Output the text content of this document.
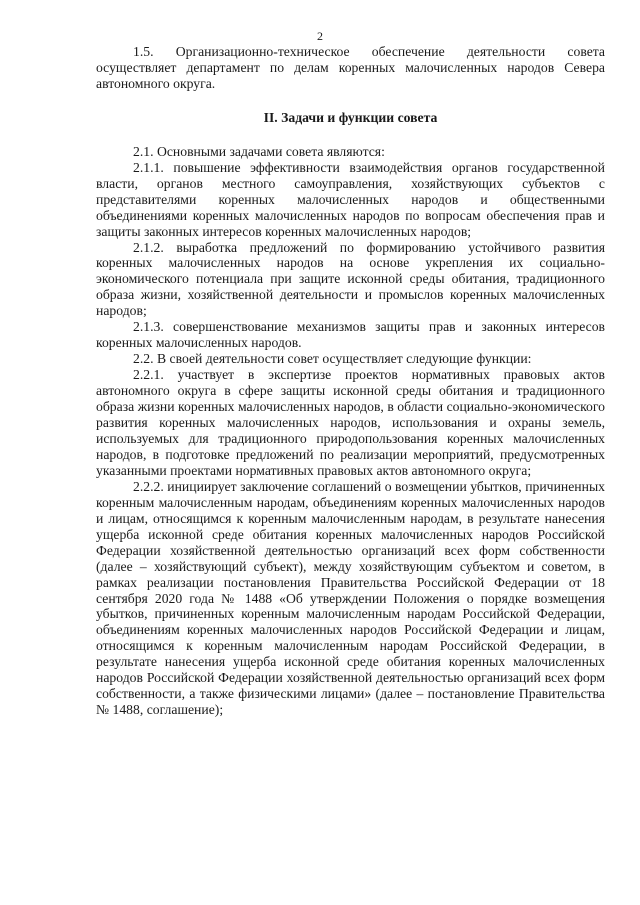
2

1.5. Организационно-техническое обеспечение деятельности совета осуществляет департамент по делам коренных малочисленных народов Севера автономного округа.

II. Задачи и функции совета

2.1. Основными задачами совета являются:

2.1.1. повышение эффективности взаимодействия органов государственной власти, органов местного самоуправления, хозяйствующих субъектов с представителями коренных малочисленных народов и общественными объединениями коренных малочисленных народов по вопросам обеспечения прав и защиты законных интересов коренных малочисленных народов;

2.1.2. выработка предложений по формированию устойчивого развития коренных малочисленных народов на основе укрепления их социально-экономического потенциала при защите исконной среды обитания, традиционного образа жизни, хозяйственной деятельности и промыслов коренных малочисленных народов;

2.1.3. совершенствование механизмов защиты прав и законных интересов коренных малочисленных народов.

2.2. В своей деятельности совет осуществляет следующие функции:

2.2.1. участвует в экспертизе проектов нормативных правовых актов автономного округа в сфере защиты исконной среды обитания и традиционного образа жизни коренных малочисленных народов, в области социально-экономического развития коренных малочисленных народов, использования и охраны земель, используемых для традиционного природопользования коренных малочисленных народов, в подготовке предложений по реализации мероприятий, предусмотренных указанными проектами нормативных правовых актов автономного округа;

2.2.2. инициирует заключение соглашений о возмещении убытков, причиненных коренным малочисленным народам, объединениям коренных малочисленных народов и лицам, относящимся к коренным малочисленным народам, в результате нанесения ущерба исконной среде обитания коренных малочисленных народов Российской Федерации хозяйственной деятельностью организаций всех форм собственности (далее – хозяйствующий субъект), между хозяйствующим субъектом и советом, в рамках реализации постановления Правительства Российской Федерации от 18 сентября 2020 года № 1488 «Об утверждении Положения о порядке возмещения убытков, причиненных коренным малочисленным народам Российской Федерации, объединениям коренных малочисленных народов Российской Федерации и лицам, относящимся к коренным малочисленным народам Российской Федерации, в результате нанесения ущерба исконной среде обитания коренных малочисленных народов Российской Федерации хозяйственной деятельностью организаций всех форм собственности, а также физическими лицами» (далее – постановление Правительства № 1488, соглашение);
